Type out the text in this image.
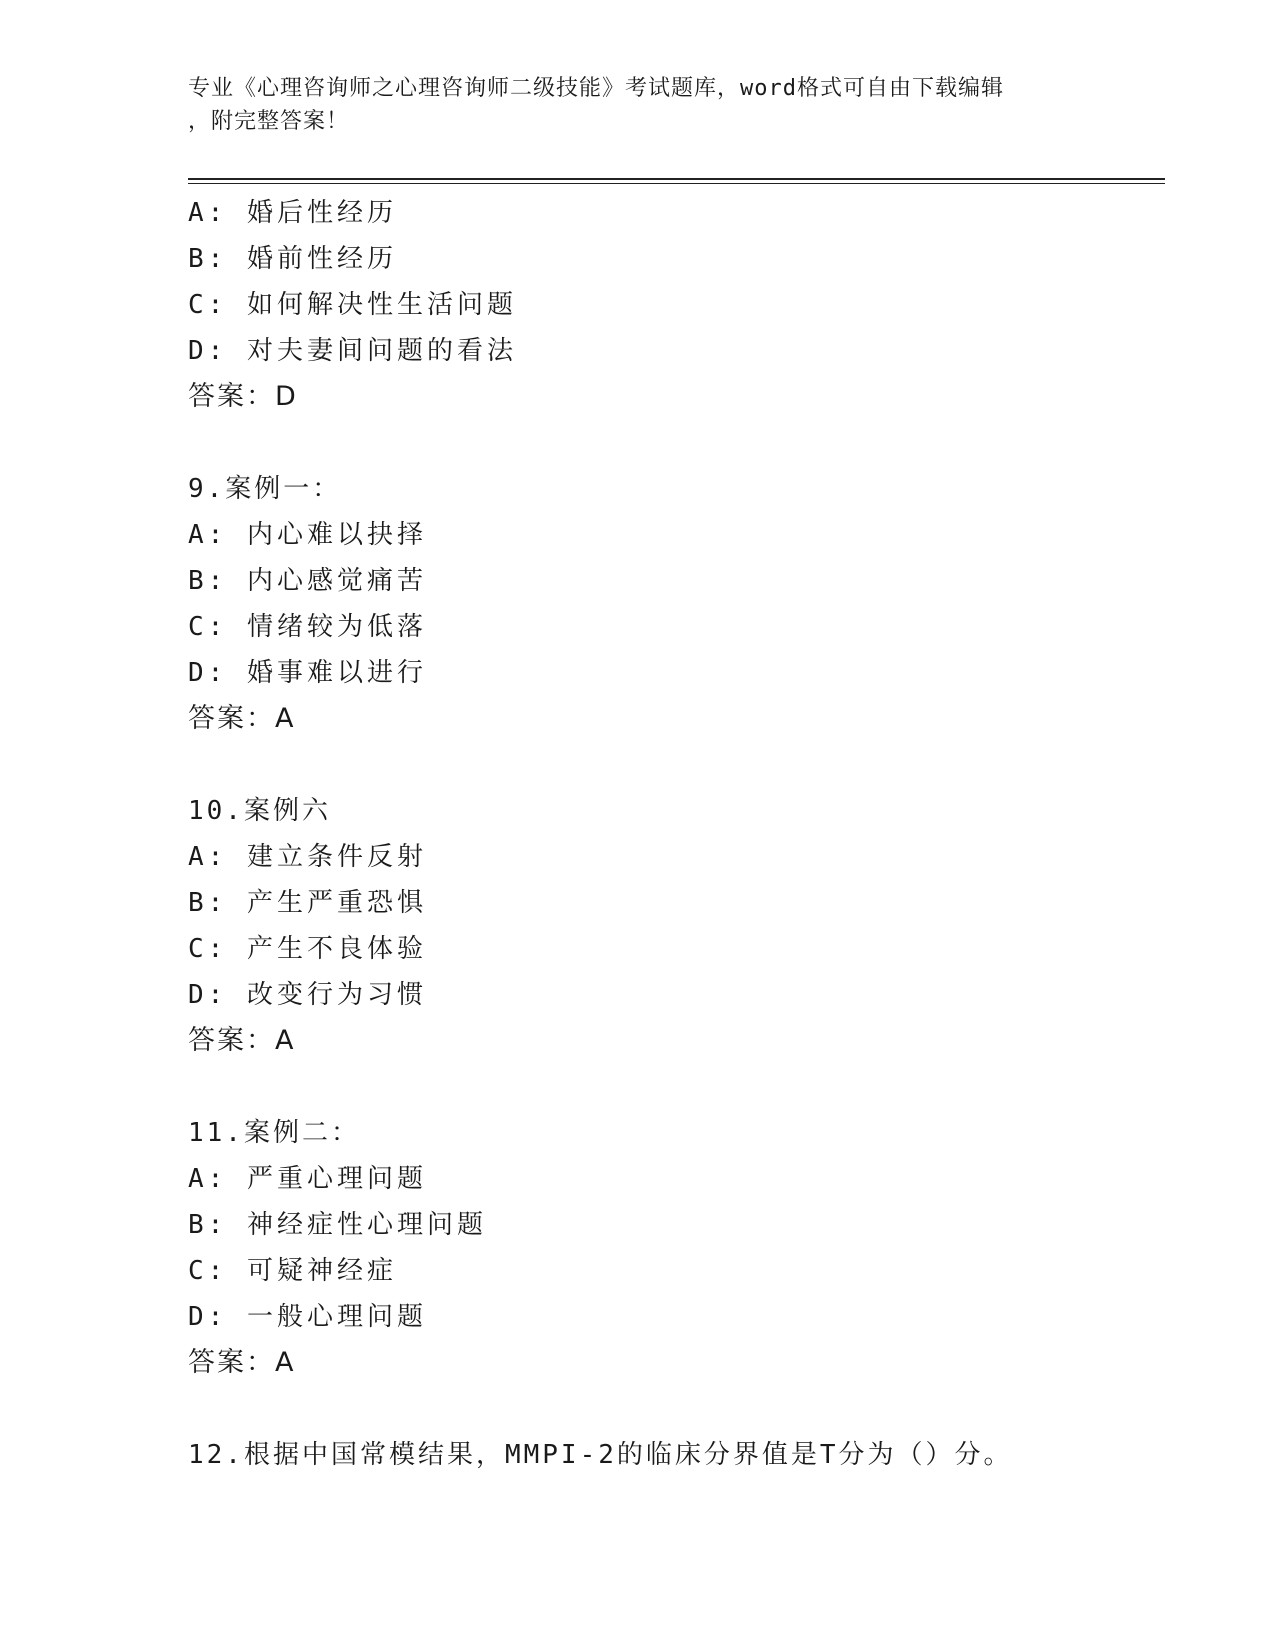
专业《心理咨询师之心理咨询师二级技能》考试题库，word格式可自由下载编辑
，附完整答案！
A: 婚后性经历
B: 婚前性经历
C: 如何解决性生活问题
D: 对夫妻间问题的看法
答案：D
9.案例一：
A: 内心难以抉择
B: 内心感觉痛苦
C: 情绪较为低落
D: 婚事难以进行
答案：A
10.案例六
A: 建立条件反射
B: 产生严重恐惧
C: 产生不良体验
D: 改变行为习惯
答案：A
11.案例二：
A: 严重心理问题
B: 神经症性心理问题
C: 可疑神经症
D: 一般心理问题
答案：A
12.根据中国常模结果，MMPI-2的临床分界值是T分为（）分。
